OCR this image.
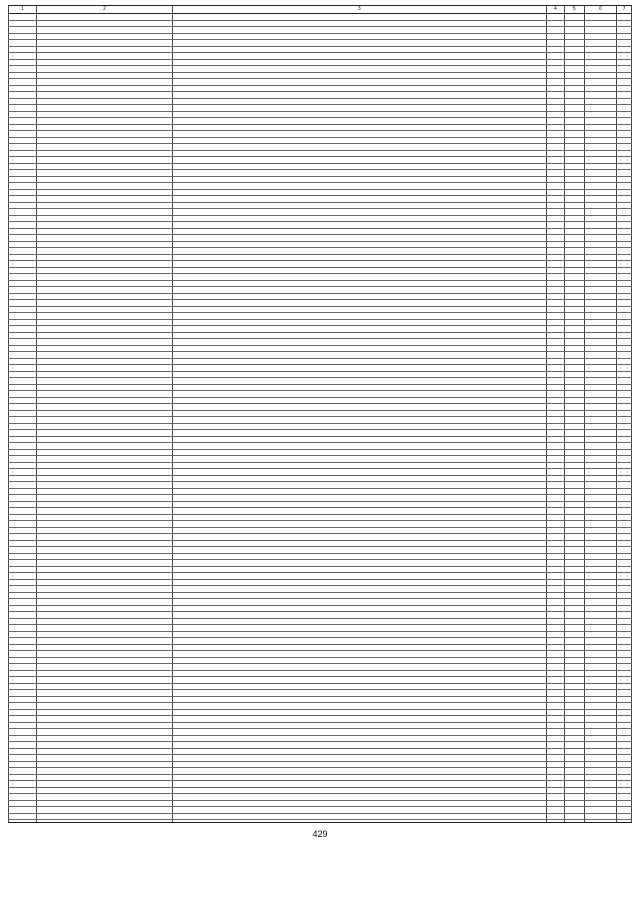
1	2	3	4	5	6	7

429
